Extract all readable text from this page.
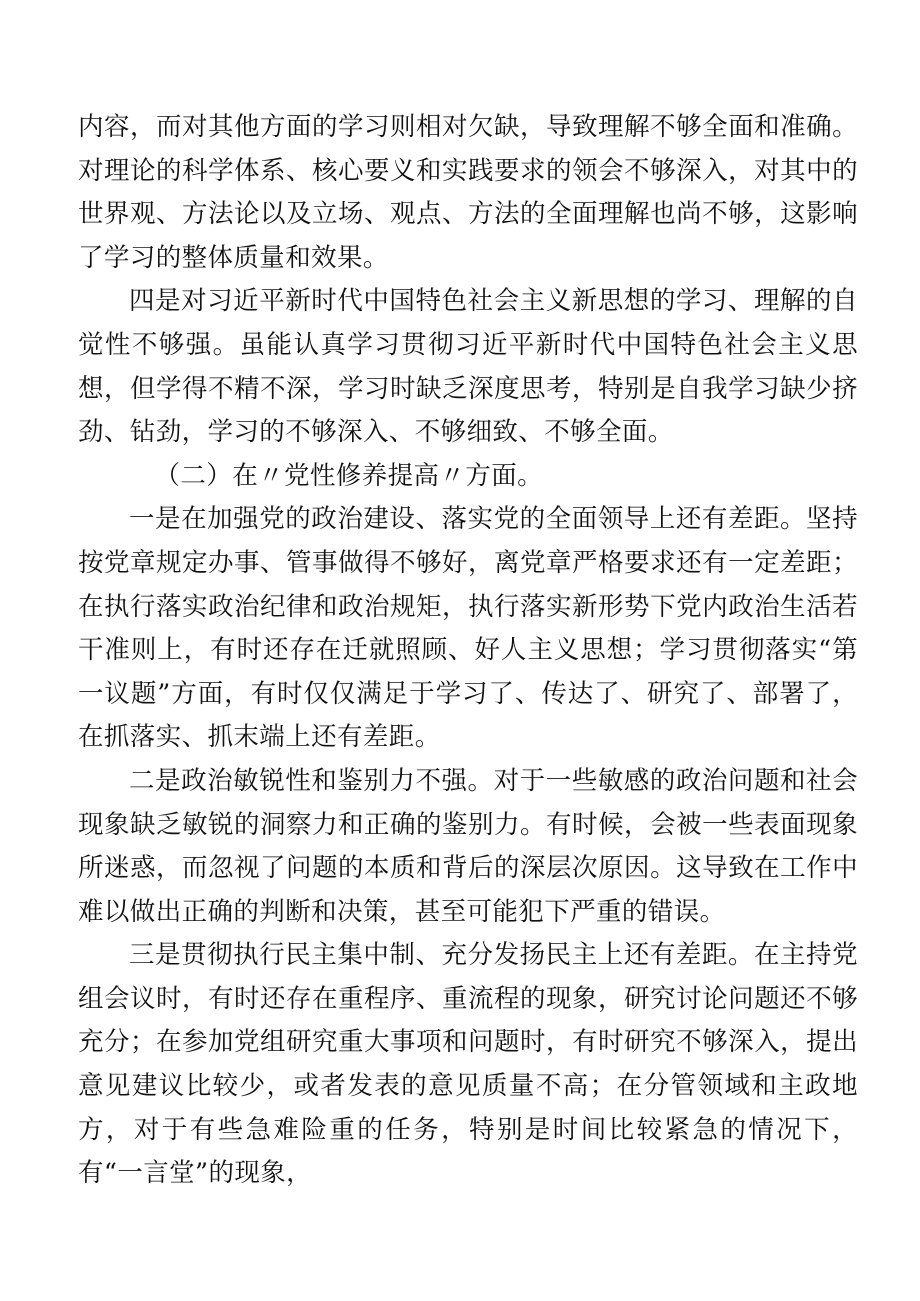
内容，而对其他方面的学习则相对欠缺，导致理解不够全面和准确。对理论的科学体系、核心要义和实践要求的领会不够深入，对其中的世界观、方法论以及立场、观点、方法的全面理解也尚不够，这影响了学习的整体质量和效果。

四是对习近平新时代中国特色社会主义新思想的学习、理解的自觉性不够强。虽能认真学习贯彻习近平新时代中国特色社会主义思想，但学得不精不深，学习时缺乏深度思考，特别是自我学习缺少挤劲、钻劲，学习的不够深入、不够细致、不够全面。

（二）在〃党性修养提高〃方面。

一是在加强党的政治建设、落实党的全面领导上还有差距。坚持按党章规定办事、管事做得不够好，离党章严格要求还有一定差距；在执行落实政治纪律和政治规矩，执行落实新形势下党内政治生活若干准则上，有时还存在迁就照顾、好人主义思想；学习贯彻落实“第一议题”方面，有时仅仅满足于学习了、传达了、研究了、部署了，在抓落实、抓末端上还有差距。

二是政治敏锐性和鉴别力不强。对于一些敏感的政治问题和社会现象缺乏敏锐的洞察力和正确的鉴别力。有时候，会被一些表面现象所迷惑，而忽视了问题的本质和背后的深层次原因。这导致在工作中难以做出正确的判断和决策，甚至可能犯下严重的错误。

三是贯彻执行民主集中制、充分发扬民主上还有差距。在主持党组会议时，有时还存在重程序、重流程的现象，研究讨论问题还不够充分；在参加党组研究重大事项和问题时，有时研究不够深入，提出意见建议比较少，或者发表的意见质量不高；在分管领域和主政地方，对于有些急难险重的任务，特别是时间比较紧急的情况下，有“一言堂”的现象，
